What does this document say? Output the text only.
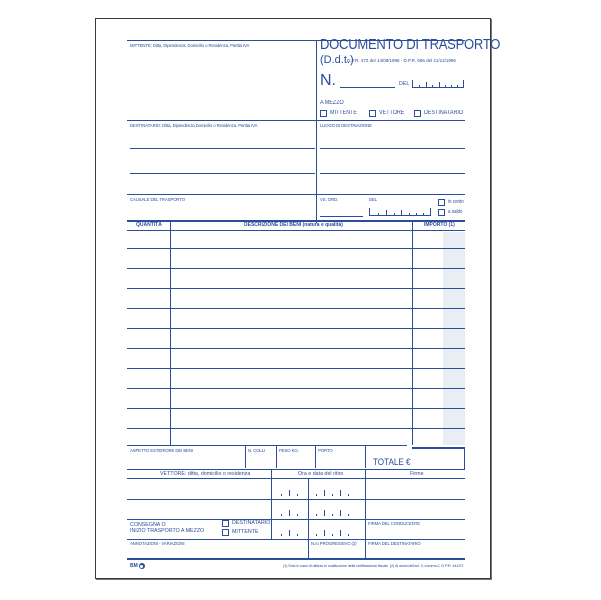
MITTENTE: Ditta, Dipendenza, Domicilio o Residenza, Partita IVA	DOCUMENTO DI TRASPORTO
(D.d.t.)
D.P.R. 472 del 14/08/1996 - D.P.R. 696 del 21/12/1996
N.	DEL
A MEZZO
MITTENTE	VETTORE	DESTINATARIO
DESTINATARIO: Ditta, Dipendenza,Domicilio o Residenza, Partita IVA	LUOGO DI DESTINAZIONE
CAUSALE DEL TRASPORTO	VS. ORD.	DEL	in conto
a saldo
QUANTITÀ	DESCRIZIONE DEI BENI (natura e qualità)	IMPORTO (1)
ASPETTO ESTERIORE DEI BENI	N. COLLI	PESO KG.	PORTO
TOTALE €
VETTORE: ditta, domicilio o residenza	Ora e data del ritiro	Firme
CONSEGNA O
INIZIO TRASPORTO A MEZZO
DESTINATARIO
MITTENTE
FIRMA DEL CONDUCENTE
ANNOTAZIONI - VARIAZIONI	N.ro PROGRESSIVO (2)	FIRMA DEL DESTINATARIO
BM	(1) Solo in caso di utilizzo in sostituzione della certificazione fiscale. (2) Ai sensi dell'art. 3, comma 2, D.P.R. 441/97.
